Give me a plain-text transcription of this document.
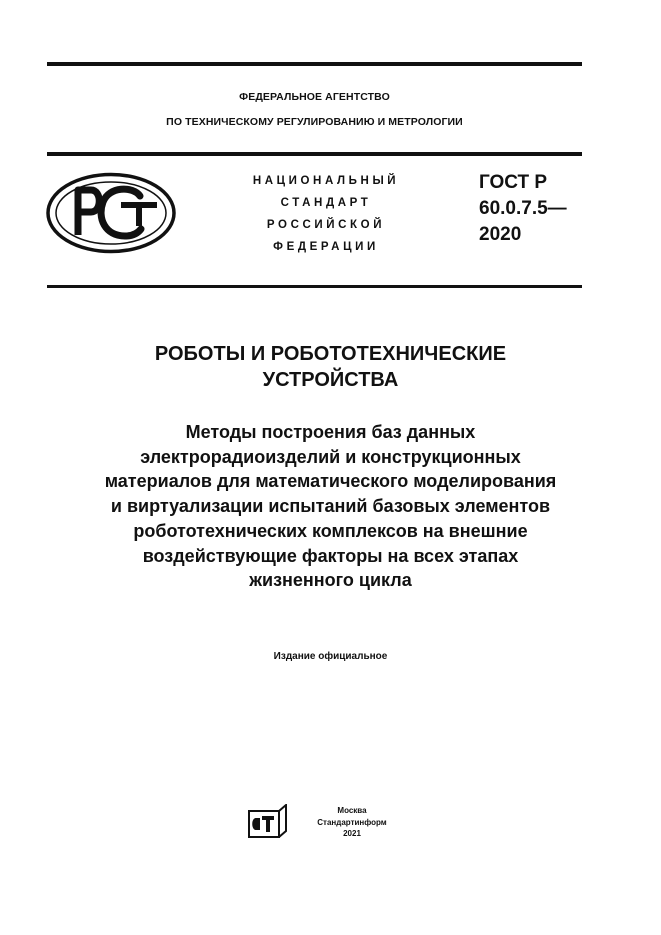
ФЕДЕРАЛЬНОЕ АГЕНТСТВО
ПО ТЕХНИЧЕСКОМУ РЕГУЛИРОВАНИЮ И МЕТРОЛОГИИ
НАЦИОНАЛЬНЫЙ
СТАНДАРТ
РОССИЙСКОЙ
ФЕДЕРАЦИИ
ГОСТ Р
60.0.7.5—
2020
РОБОТЫ И РОБОТОТЕХНИЧЕСКИЕ
УСТРОЙСТВА
Методы построения баз данных
электрорадиоизделий и конструкционных
материалов для математического моделирования
и виртуализации испытаний базовых элементов
робототехнических комплексов на внешние
воздействующие факторы на всех этапах
жизненного цикла
Издание официальное
Москва
Стандартинформ
2021
